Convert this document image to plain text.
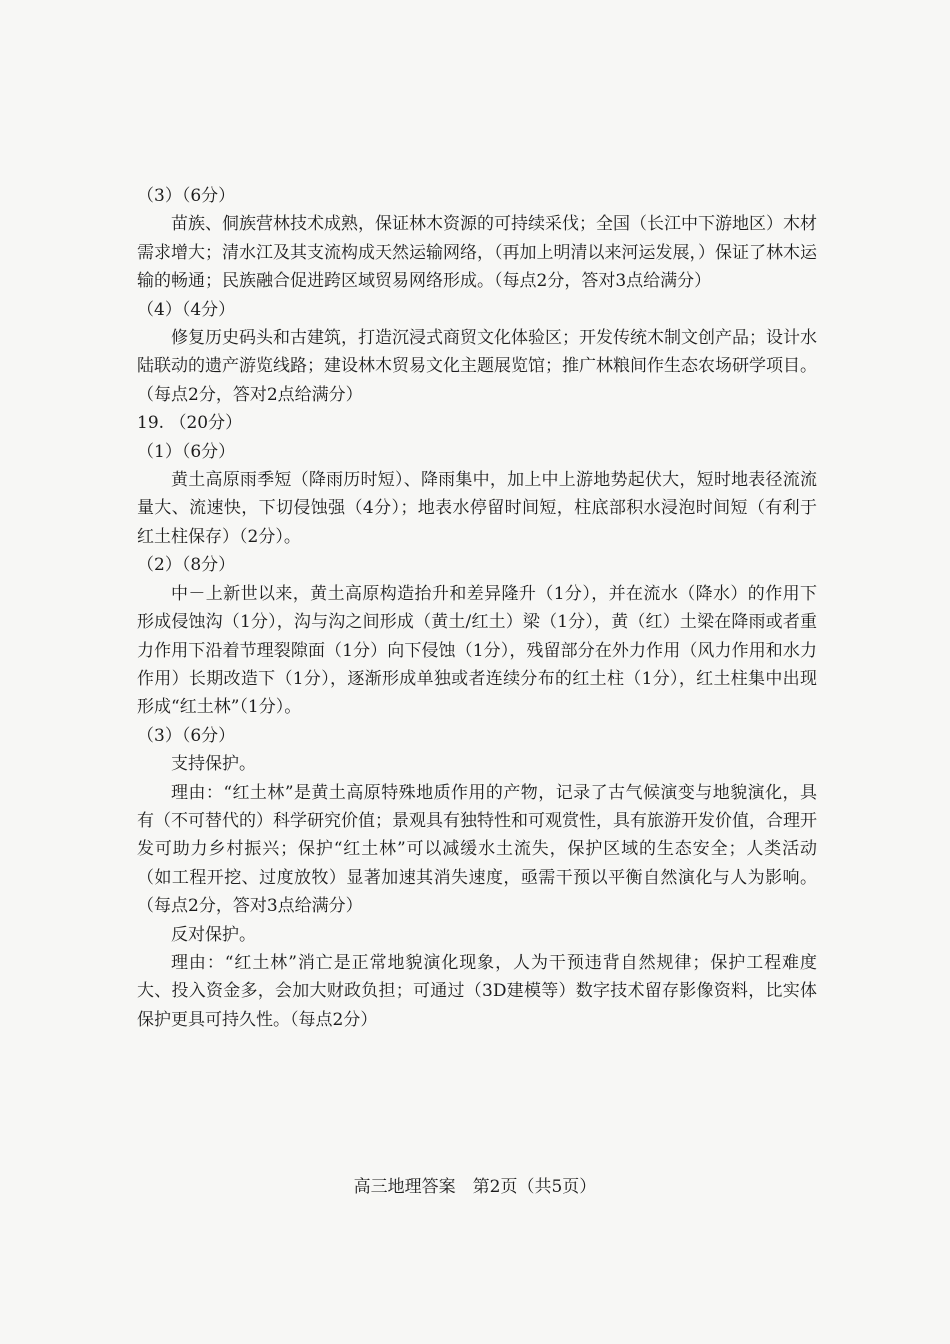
（3）（6分）

苗族、侗族营林技术成熟，保证林木资源的可持续采伐；全国（长江中下游地区）木材需求增大；清水江及其支流构成天然运输网络，（再加上明清以来河运发展，）保证了林木运输的畅通；民族融合促进跨区域贸易网络形成。（每点2分，答对3点给满分）

（4）（4分）

修复历史码头和古建筑，打造沉浸式商贸文化体验区；开发传统木制文创产品；设计水陆联动的遗产游览线路；建设林木贸易文化主题展览馆；推广林粮间作生态农场研学项目。（每点2分，答对2点给满分）

19. （20分）

（1）（6分）

黄土高原雨季短（降雨历时短）、降雨集中，加上中上游地势起伏大，短时地表径流流量大、流速快，下切侵蚀强（4分）；地表水停留时间短，柱底部积水浸泡时间短（有利于红土柱保存）（2分）。

（2）（8分）

中－上新世以来，黄土高原构造抬升和差异隆升（1分），并在流水（降水）的作用下形成侵蚀沟（1分），沟与沟之间形成（黄土/红土）梁（1分），黄（红）土梁在降雨或者重力作用下沿着节理裂隙面（1分）向下侵蚀（1分），残留部分在外力作用（风力作用和水力作用）长期改造下（1分），逐渐形成单独或者连续分布的红土柱（1分），红土柱集中出现形成“红土林”（1分）。

（3）（6分）

支持保护。

理由：“红土林”是黄土高原特殊地质作用的产物，记录了古气候演变与地貌演化，具有（不可替代的）科学研究价值；景观具有独特性和可观赏性，具有旅游开发价值，合理开发可助力乡村振兴；保护“红土林”可以减缓水土流失，保护区域的生态安全；人类活动（如工程开挖、过度放牧）显著加速其消失速度，亟需干预以平衡自然演化与人为影响。（每点2分，答对3点给满分）

反对保护。

理由：“红土林”消亡是正常地貌演化现象，人为干预违背自然规律；保护工程难度大、投入资金多，会加大财政负担；可通过（3D建模等）数字技术留存影像资料，比实体保护更具可持久性。（每点2分）

高三地理答案　第2页（共5页）
